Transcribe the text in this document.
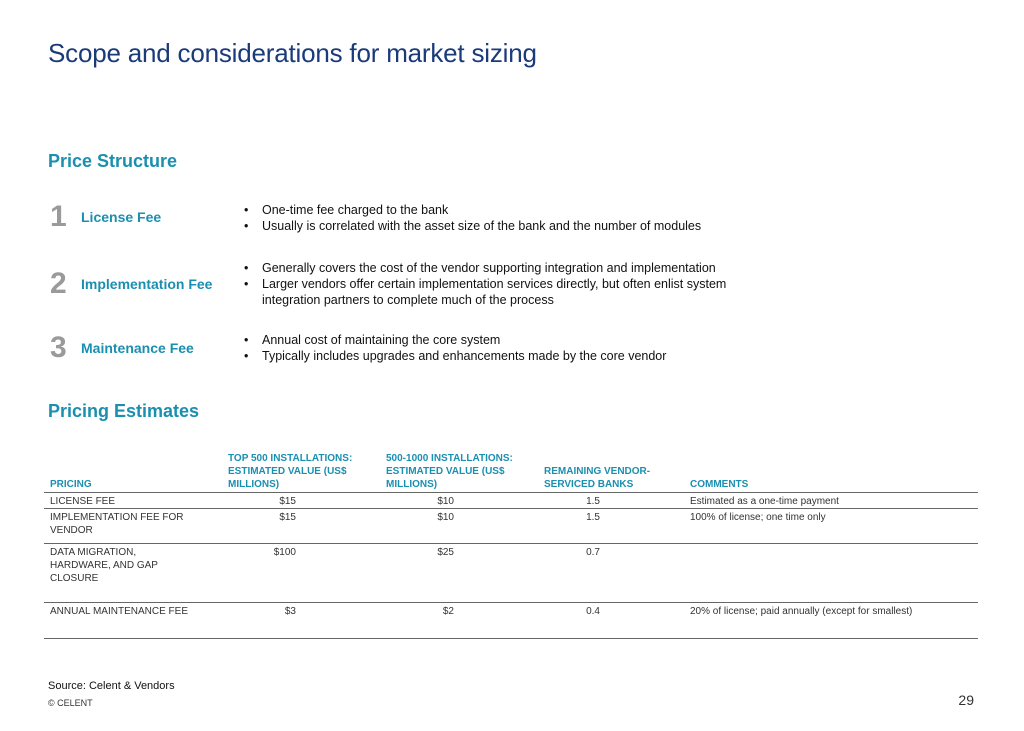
Scope and considerations for market sizing
Price Structure
1 License Fee	• One-time fee charged to the bank
• Usually is correlated with the asset size of the bank and the number of modules
2 Implementation Fee
• Generally covers the cost of the vendor supporting integration and implementation
• Larger vendors offer certain implementation services directly, but often enlist system integration partners to complete much of the process
3 Maintenance Fee	• Annual cost of maintaining the core system
• Typically includes upgrades and enhancements made by the core vendor
Pricing Estimates
PRICING	TOP 500 INSTALLATIONS: ESTIMATED VALUE (US$ MILLIONS)	500-1000 INSTALLATIONS: ESTIMATED VALUE (US$ MILLIONS)	REMAINING VENDOR-SERVICED BANKS	COMMENTS
LICENSE FEE	$15	$10	1.5	Estimated as a one-time payment
IMPLEMENTATION FEE FOR VENDOR	$15	$10	1.5	100% of license; one time only
DATA MIGRATION, HARDWARE, AND GAP CLOSURE	$100	$25	0.7	
ANNUAL MAINTENANCE FEE	$3	$2	0.4	20% of license; paid annually (except for smallest)
Source: Celent & Vendors
© CELENT	29
